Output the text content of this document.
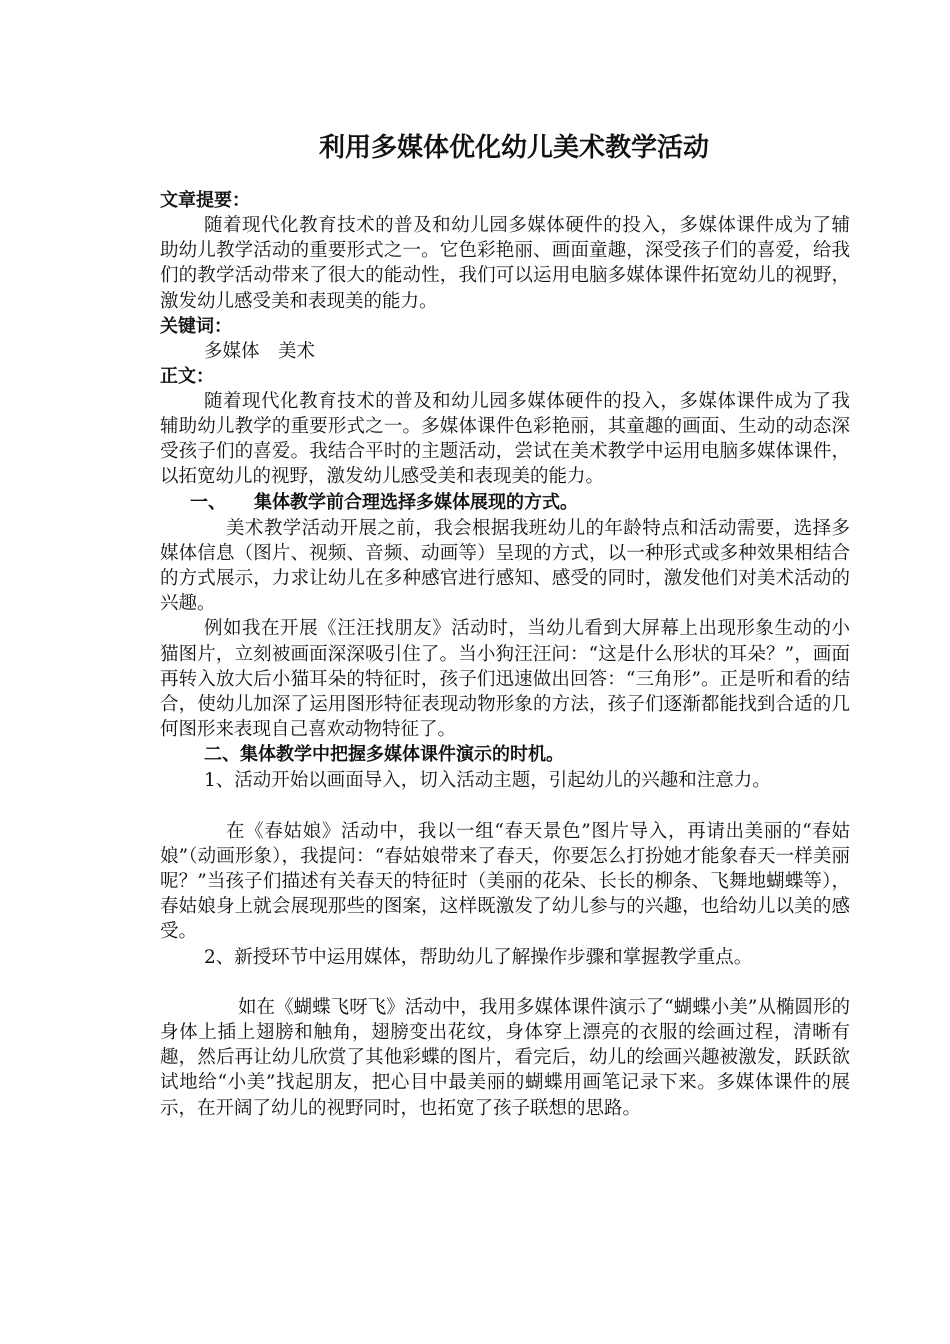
利用多媒体优化幼儿美术教学活动

文章提要：

随着现代化教育技术的普及和幼儿园多媒体硬件的投入，多媒体课件成为了辅助幼儿教学活动的重要形式之一。它色彩艳丽、画面童趣，深受孩子们的喜爱，给我们的教学活动带来了很大的能动性，我们可以运用电脑多媒体课件拓宽幼儿的视野，激发幼儿感受美和表现美的能力。

关键词：

多媒体　美术

正文：

随着现代化教育技术的普及和幼儿园多媒体硬件的投入，多媒体课件成为了我辅助幼儿教学的重要形式之一。多媒体课件色彩艳丽，其童趣的画面、生动的动态深受孩子们的喜爱。我结合平时的主题活动，尝试在美术教学中运用电脑多媒体课件，以拓宽幼儿的视野，激发幼儿感受美和表现美的能力。

一、 集体教学前合理选择多媒体展现的方式。

美术教学活动开展之前，我会根据我班幼儿的年龄特点和活动需要，选择多媒体信息（图片、视频、音频、动画等）呈现的方式，以一种形式或多种效果相结合的方式展示，力求让幼儿在多种感官进行感知、感受的同时，激发他们对美术活动的兴趣。

例如我在开展《汪汪找朋友》活动时，当幼儿看到大屏幕上出现形象生动的小猫图片，立刻被画面深深吸引住了。当小狗汪汪问：“这是什么形状的耳朵？”，画面再转入放大后小猫耳朵的特征时，孩子们迅速做出回答：“三角形”。正是听和看的结合，使幼儿加深了运用图形特征表现动物形象的方法，孩子们逐渐都能找到合适的几何图形来表现自己喜欢动物特征了。

二、集体教学中把握多媒体课件演示的时机。

1、活动开始以画面导入，切入活动主题，引起幼儿的兴趣和注意力。

在《春姑娘》活动中，我以一组“春天景色”图片导入，再请出美丽的“春姑娘”（动画形象），我提问：“春姑娘带来了春天，你要怎么打扮她才能象春天一样美丽呢？”当孩子们描述有关春天的特征时（美丽的花朵、长长的柳条、飞舞地蝴蝶等），春姑娘身上就会展现那些的图案，这样既激发了幼儿参与的兴趣，也给幼儿以美的感受。

2、新授环节中运用媒体，帮助幼儿了解操作步骤和掌握教学重点。

如在《蝴蝶飞呀飞》活动中，我用多媒体课件演示了“蝴蝶小美”从椭圆形的身体上插上翅膀和触角，翅膀变出花纹，身体穿上漂亮的衣服的绘画过程，清晰有趣，然后再让幼儿欣赏了其他彩蝶的图片，看完后，幼儿的绘画兴趣被激发，跃跃欲试地给“小美”找起朋友，把心目中最美丽的蝴蝶用画笔记录下来。多媒体课件的展示，在开阔了幼儿的视野同时，也拓宽了孩子联想的思路。
